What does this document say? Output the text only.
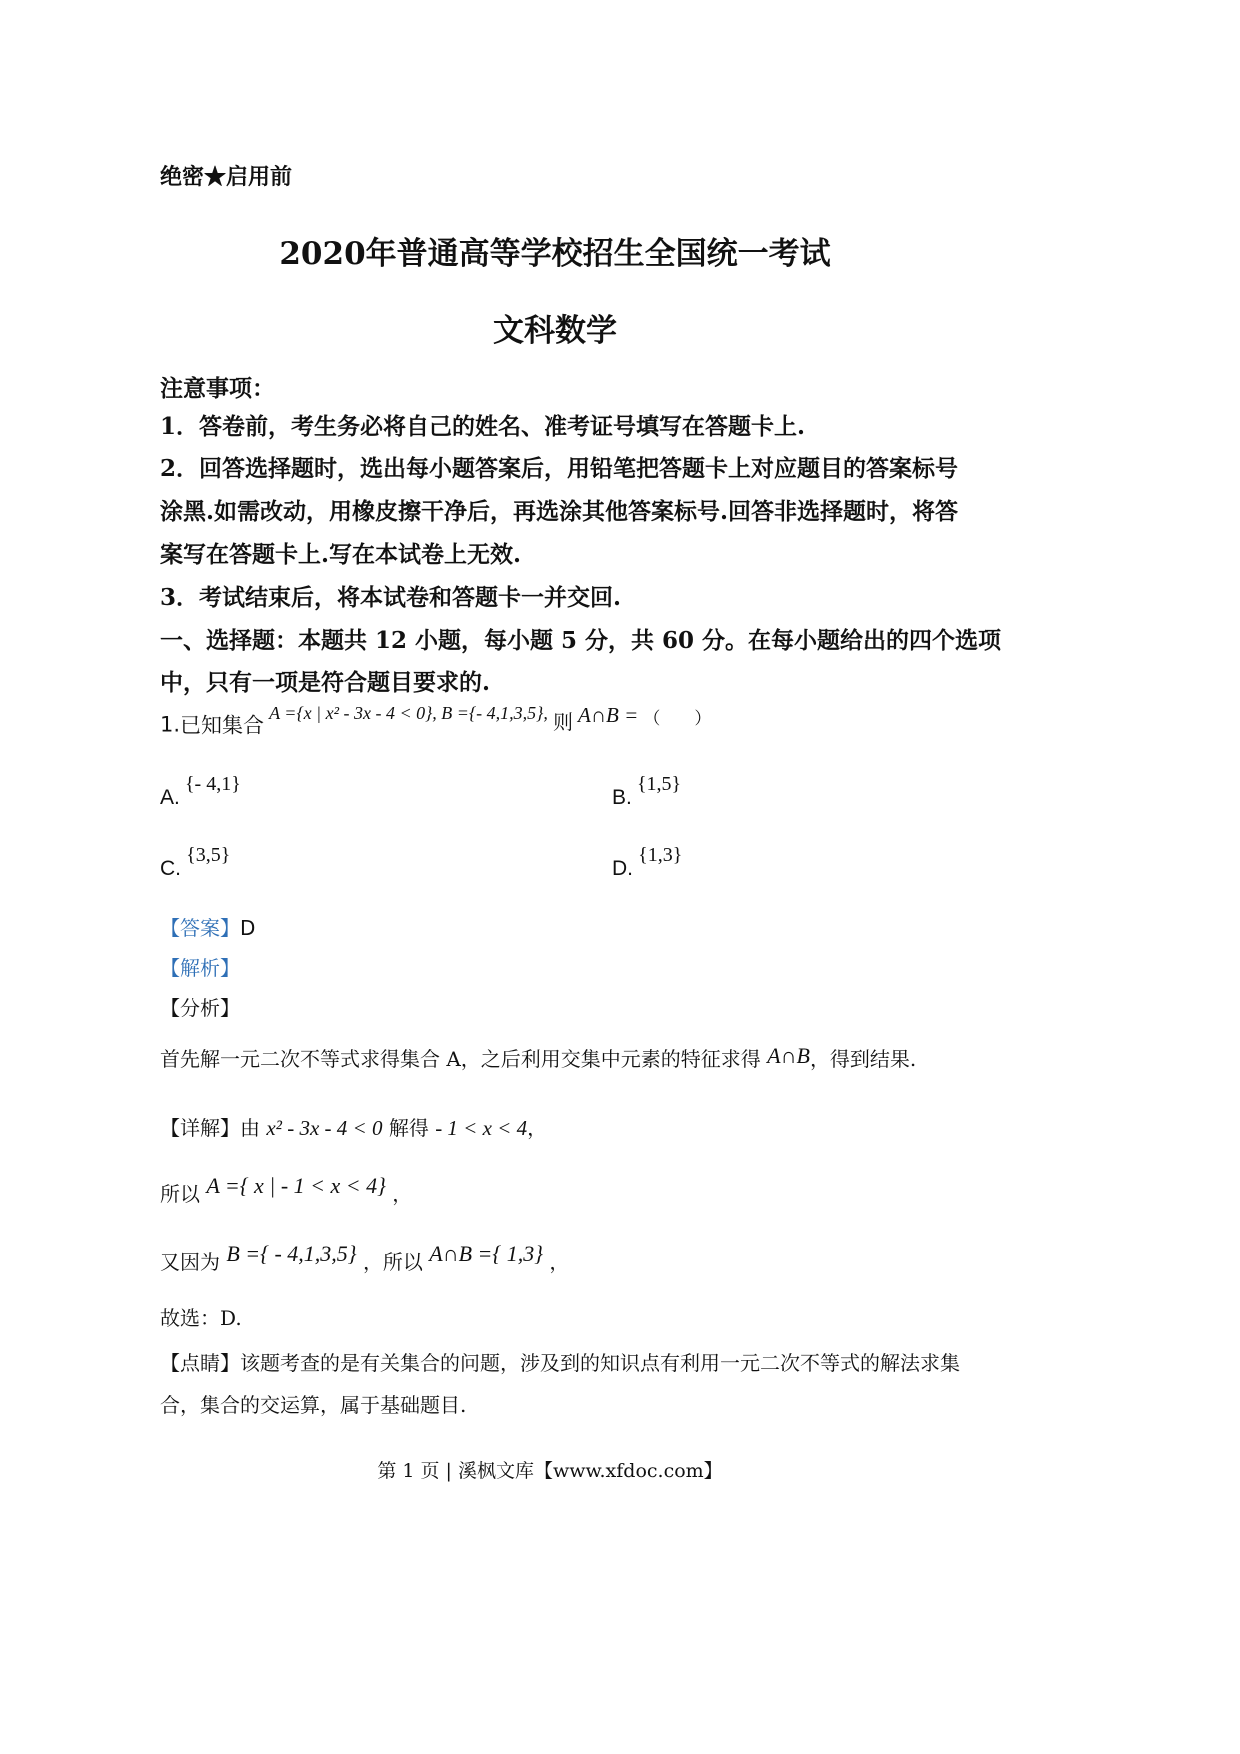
绝密★启用前
2020年普通高等学校招生全国统一考试
文科数学
注意事项：
1．答卷前，考生务必将自己的姓名、准考证号填写在答题卡上.
2．回答选择题时，选出每小题答案后，用铅笔把答题卡上对应题目的答案标号
涂黑.如需改动，用橡皮擦干净后，再选涂其他答案标号.回答非选择题时，将答
案写在答题卡上.写在本试卷上无效.
3．考试结束后，将本试卷和答题卡一并交回.
一、选择题：本题共 12 小题，每小题 5 分，共 60 分。在每小题给出的四个选项
中，只有一项是符合题目要求的.
1.已知集合 A ={x | x² - 3x - 4 < 0}, B ={- 4,1,3,5}, 则 A∩B = （　　）
A. {- 4,1}
B. {1,5}
C. {3,5}
D. {1,3}
【答案】D
【解析】
【分析】
首先解一元二次不等式求得集合 A，之后利用交集中元素的特征求得 A∩B，得到结果.
【详解】由 x² - 3x - 4 < 0 解得 - 1 < x < 4，
所以 A ={ x | - 1 < x < 4} ，
又因为 B ={ - 4,1,3,5} ，所以 A∩B ={ 1,3} ，
故选：D.
【点睛】该题考查的是有关集合的问题，涉及到的知识点有利用一元二次不等式的解法求集
合，集合的交运算，属于基础题目.
第 1 页 | 溪枫文库【www.xfdoc.com】
